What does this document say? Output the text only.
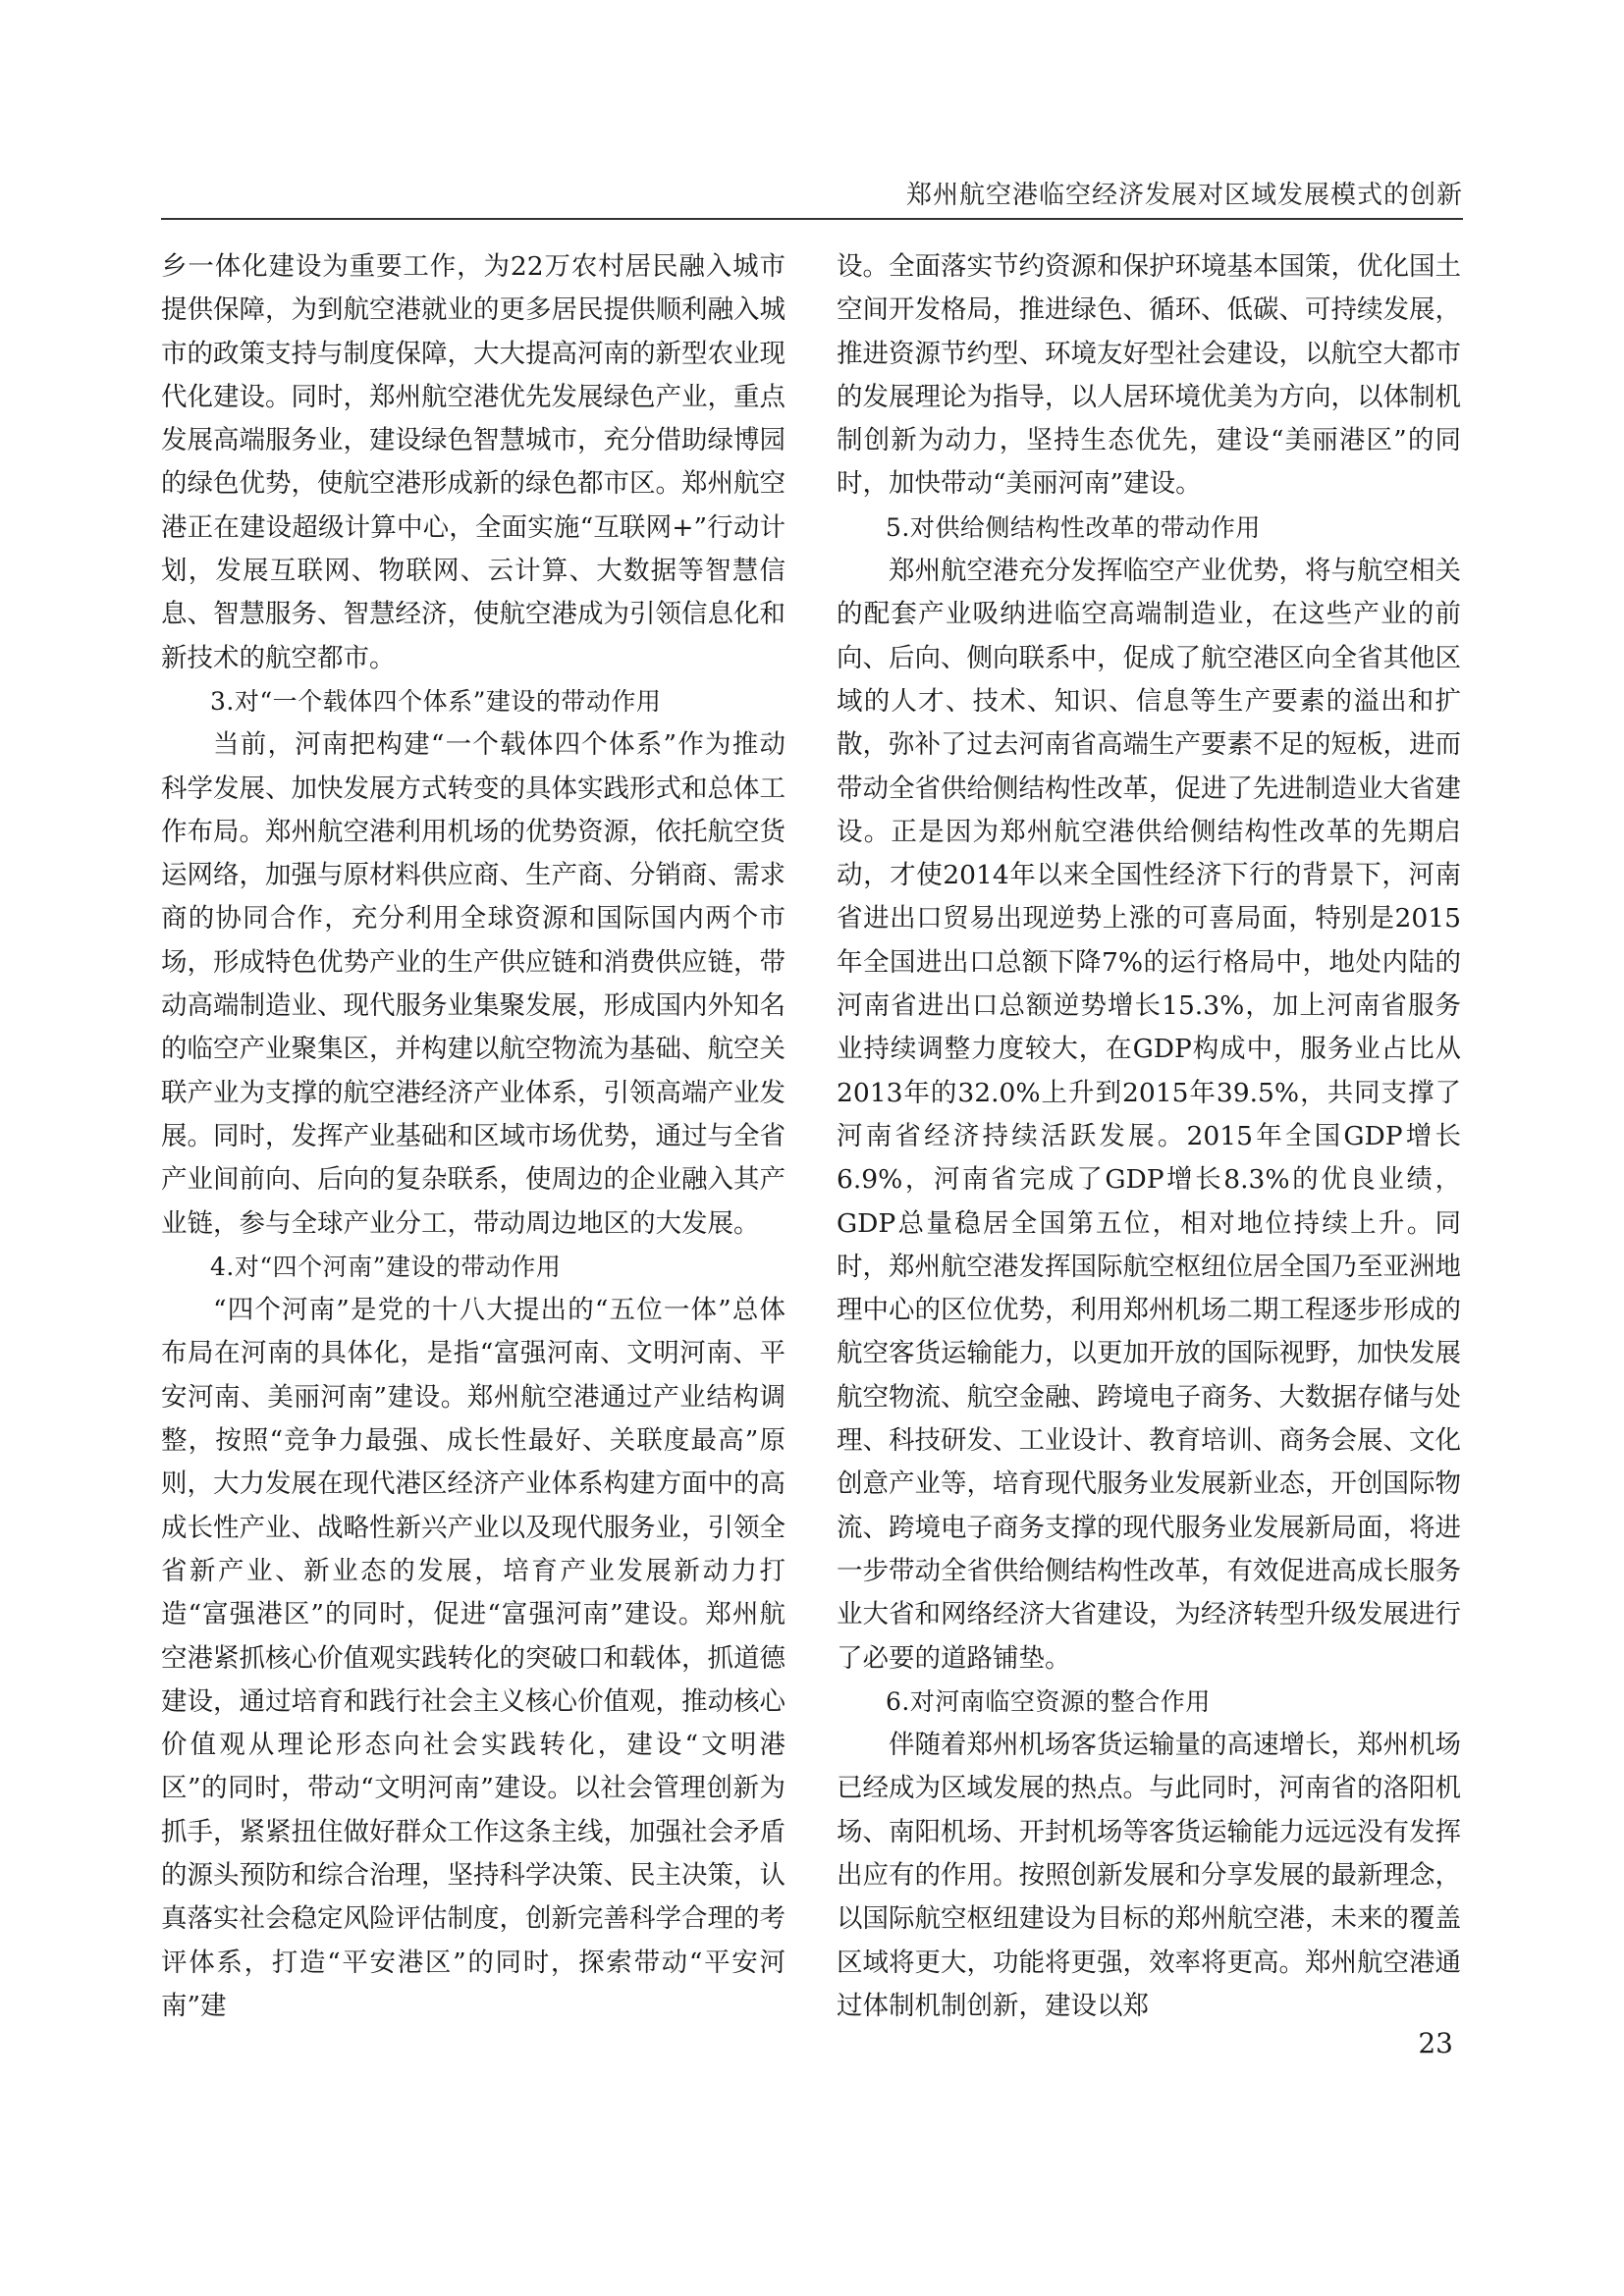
郑州航空港临空经济发展对区域发展模式的创新

乡一体化建设为重要工作，为22万农村居民融入城市提供保障，为到航空港就业的更多居民提供顺利融入城市的政策支持与制度保障，大大提高河南的新型农业现代化建设。同时，郑州航空港优先发展绿色产业，重点发展高端服务业，建设绿色智慧城市，充分借助绿博园的绿色优势，使航空港形成新的绿色都市区。郑州航空港正在建设超级计算中心，全面实施“互联网+”行动计划，发展互联网、物联网、云计算、大数据等智慧信息、智慧服务、智慧经济，使航空港成为引领信息化和新技术的航空都市。

3.对“一个载体四个体系”建设的带动作用

当前，河南把构建“一个载体四个体系”作为推动科学发展、加快发展方式转变的具体实践形式和总体工作布局。郑州航空港利用机场的优势资源，依托航空货运网络，加强与原材料供应商、生产商、分销商、需求商的协同合作，充分利用全球资源和国际国内两个市场，形成特色优势产业的生产供应链和消费供应链，带动高端制造业、现代服务业集聚发展，形成国内外知名的临空产业聚集区，并构建以航空物流为基础、航空关联产业为支撑的航空港经济产业体系，引领高端产业发展。同时，发挥产业基础和区域市场优势，通过与全省产业间前向、后向的复杂联系，使周边的企业融入其产业链，参与全球产业分工，带动周边地区的大发展。

4.对“四个河南”建设的带动作用

“四个河南”是党的十八大提出的“五位一体”总体布局在河南的具体化，是指“富强河南、文明河南、平安河南、美丽河南”建设。郑州航空港通过产业结构调整，按照“竞争力最强、成长性最好、关联度最高”原则，大力发展在现代港区经济产业体系构建方面中的高成长性产业、战略性新兴产业以及现代服务业，引领全省新产业、新业态的发展，培育产业发展新动力打造“富强港区”的同时，促进“富强河南”建设。郑州航空港紧抓核心价值观实践转化的突破口和载体，抓道德建设，通过培育和践行社会主义核心价值观，推动核心价值观从理论形态向社会实践转化，建设“文明港区”的同时，带动“文明河南”建设。以社会管理创新为抓手，紧紧扭住做好群众工作这条主线，加强社会矛盾的源头预防和综合治理，坚持科学决策、民主决策，认真落实社会稳定风险评估制度，创新完善科学合理的考评体系，打造“平安港区”的同时，探索带动“平安河南”建

设。全面落实节约资源和保护环境基本国策，优化国土空间开发格局，推进绿色、循环、低碳、可持续发展，推进资源节约型、环境友好型社会建设，以航空大都市的发展理论为指导，以人居环境优美为方向，以体制机制创新为动力，坚持生态优先，建设“美丽港区”的同时，加快带动“美丽河南”建设。

5.对供给侧结构性改革的带动作用

郑州航空港充分发挥临空产业优势，将与航空相关的配套产业吸纳进临空高端制造业，在这些产业的前向、后向、侧向联系中，促成了航空港区向全省其他区域的人才、技术、知识、信息等生产要素的溢出和扩散，弥补了过去河南省高端生产要素不足的短板，进而带动全省供给侧结构性改革，促进了先进制造业大省建设。正是因为郑州航空港供给侧结构性改革的先期启动，才使2014年以来全国性经济下行的背景下，河南省进出口贸易出现逆势上涨的可喜局面，特别是2015年全国进出口总额下降7%的运行格局中，地处内陆的河南省进出口总额逆势增长15.3%，加上河南省服务业持续调整力度较大，在GDP构成中，服务业占比从2013年的32.0%上升到2015年39.5%，共同支撑了河南省经济持续活跃发展。2015年全国GDP增长6.9%，河南省完成了GDP增长8.3%的优良业绩，GDP总量稳居全国第五位，相对地位持续上升。同时，郑州航空港发挥国际航空枢纽位居全国乃至亚洲地理中心的区位优势，利用郑州机场二期工程逐步形成的航空客货运输能力，以更加开放的国际视野，加快发展航空物流、航空金融、跨境电子商务、大数据存储与处理、科技研发、工业设计、教育培训、商务会展、文化创意产业等，培育现代服务业发展新业态，开创国际物流、跨境电子商务支撑的现代服务业发展新局面，将进一步带动全省供给侧结构性改革，有效促进高成长服务业大省和网络经济大省建设，为经济转型升级发展进行了必要的道路铺垫。

6.对河南临空资源的整合作用

伴随着郑州机场客货运输量的高速增长，郑州机场已经成为区域发展的热点。与此同时，河南省的洛阳机场、南阳机场、开封机场等客货运输能力远远没有发挥出应有的作用。按照创新发展和分享发展的最新理念，以国际航空枢纽建设为目标的郑州航空港，未来的覆盖区域将更大，功能将更强，效率将更高。郑州航空港通过体制机制创新，建设以郑

23
